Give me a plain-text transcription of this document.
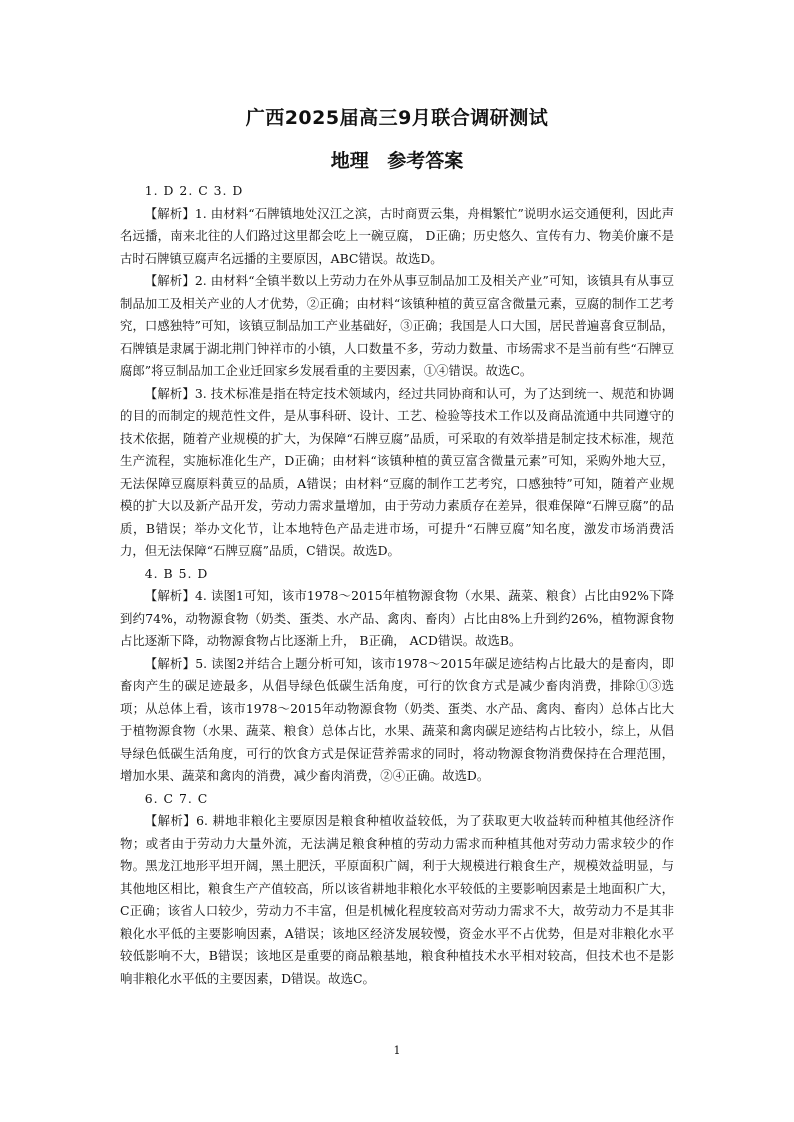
广西2025届高三9月联合调研测试
地理 参考答案

1. D 2. C 3. D

【解析】1. 由材料“石牌镇地处汉江之滨，古时商贾云集，舟楫繁忙”说明水运交通便利，因此声名远播，南来北往的人们路过这里都会吃上一碗豆腐， D正确；历史悠久、宣传有力、物美价廉不是古时石牌镇豆腐声名远播的主要原因，ABC错误。故选D。

【解析】2. 由材料“全镇半数以上劳动力在外从事豆制品加工及相关产业”可知，该镇具有从事豆制品加工及相关产业的人才优势，②正确；由材料“该镇种植的黄豆富含微量元素，豆腐的制作工艺考究，口感独特”可知，该镇豆制品加工产业基础好，③正确；我国是人口大国，居民普遍喜食豆制品，石牌镇是隶属于湖北荆门钟祥市的小镇，人口数量不多，劳动力数量、市场需求不是当前有些“石牌豆腐郎”将豆制品加工企业迁回家乡发展看重的主要因素，①④错误。故选C。

【解析】3. 技术标准是指在特定技术领域内，经过共同协商和认可，为了达到统一、规范和协调的目的而制定的规范性文件，是从事科研、设计、工艺、检验等技术工作以及商品流通中共同遵守的技术依据，随着产业规模的扩大，为保障“石牌豆腐”品质，可采取的有效举措是制定技术标准，规范生产流程，实施标准化生产，D正确；由材料“该镇种植的黄豆富含微量元素”可知，采购外地大豆，无法保障豆腐原料黄豆的品质，A错误；由材料“豆腐的制作工艺考究，口感独特”可知，随着产业规模的扩大以及新产品开发，劳动力需求量增加，由于劳动力素质存在差异，很难保障“石牌豆腐”的品质，B错误；举办文化节，让本地特色产品走进市场，可提升“石牌豆腐”知名度，激发市场消费活力，但无法保障“石牌豆腐”品质，C错误。故选D。

4. B 5. D

【解析】4. 读图1可知，该市1978～2015年植物源食物（水果、蔬菜、粮食）占比由92%下降到约74%，动物源食物（奶类、蛋类、水产品、禽肉、畜肉）占比由8%上升到约26%，植物源食物占比逐渐下降，动物源食物占比逐渐上升， B正确， ACD错误。故选B。

【解析】5. 读图2并结合上题分析可知，该市1978～2015年碳足迹结构占比最大的是畜肉，即畜肉产生的碳足迹最多，从倡导绿色低碳生活角度，可行的饮食方式是减少畜肉消费，排除①③选项；从总体上看，该市1978～2015年动物源食物（奶类、蛋类、水产品、禽肉、畜肉）总体占比大于植物源食物（水果、蔬菜、粮食）总体占比，水果、蔬菜和禽肉碳足迹结构占比较小，综上，从倡导绿色低碳生活角度，可行的饮食方式是保证营养需求的同时，将动物源食物消费保持在合理范围，增加水果、蔬菜和禽肉的消费，减少畜肉消费，②④正确。故选D。

6. C 7. C

【解析】6. 耕地非粮化主要原因是粮食种植收益较低，为了获取更大收益转而种植其他经济作物；或者由于劳动力大量外流，无法满足粮食种植的劳动力需求而种植其他对劳动力需求较少的作物。黑龙江地形平坦开阔，黑土肥沃，平原面积广阔，利于大规模进行粮食生产，规模效益明显，与其他地区相比，粮食生产产值较高，所以该省耕地非粮化水平较低的主要影响因素是土地面积广大，C正确；该省人口较少，劳动力不丰富，但是机械化程度较高对劳动力需求不大，故劳动力不是其非粮化水平低的主要影响因素，A错误；该地区经济发展较慢，资金水平不占优势，但是对非粮化水平较低影响不大，B错误；该地区是重要的商品粮基地，粮食种植技术水平相对较高，但技术也不是影响非粮化水平低的主要因素，D错误。故选C。

1
